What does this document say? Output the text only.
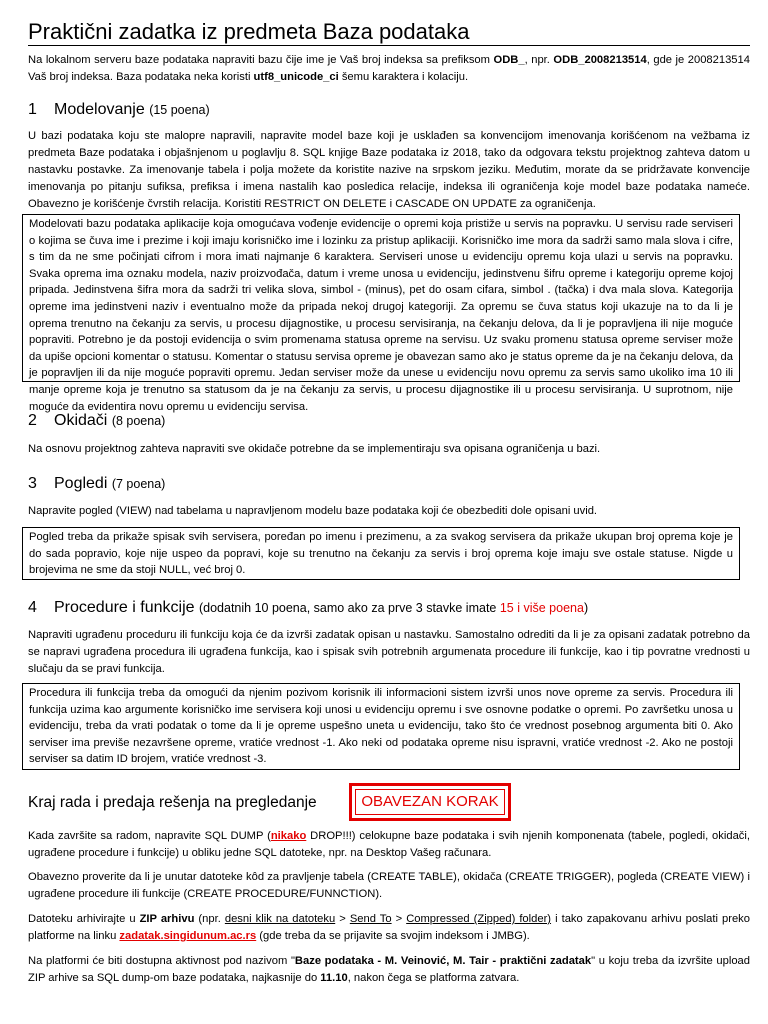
Praktični zadatka iz predmeta Baza podataka
Na lokalnom serveru baze podataka napraviti bazu čije ime je Vaš broj indeksa sa prefiksom ODB_, npr. ODB_2008213514, gde je 2008213514 Vaš broj indeksa. Baza podataka neka koristi utf8_unicode_ci šemu karaktera i kolaciju.
1 Modelovanje (15 poena)
U bazi podataka koju ste malopre napravili, napravite model baze koji je usklađen sa konvencijom imenovanja korišćenom na vežbama iz predmeta Baze podataka i objašnjenom u poglavlju 8. SQL knjige Baze podataka iz 2018, tako da odgovara tekstu projektnog zahteva datom u nastavku postavke. Za imenovanje tabela i polja možete da koristite nazive na srpskom jeziku. Međutim, morate da se pridržavate konvencije imenovanja po pitanju sufiksa, prefiksa i imena nastalih kao posledica relacije, indeksa ili ograničenja koje model baze podataka nameće. Obavezno je korišćenje čvrstih relacija. Koristiti RESTRICT ON DELETE i CASCADE ON UPDATE za ograničenja.
Modelovati bazu podataka aplikacije koja omogućava vođenje evidencije o opremi koja pristiže u servis na popravku. U servisu rade serviseri o kojima se čuva ime i prezime i koji imaju korisničko ime i lozinku za pristup aplikaciji. Korisničko ime mora da sadrži samo mala slova i cifre, s tim da ne sme počinjati cifrom i mora imati najmanje 6 karaktera. Serviseri unose u evidenciju opremu koja ulazi u servis na popravku. Svaka oprema ima oznaku modela, naziv proizvođača, datum i vreme unosa u evidenciju, jedinstvenu šifru opreme i kategoriju opreme kojoj pripada. Jedinstvena šifra mora da sadrži tri velika slova, simbol - (minus), pet do osam cifara, simbol . (tačka) i dva mala slova. Kategorija opreme ima jedinstveni naziv i eventualno može da pripada nekoj drugoj kategoriji. Za opremu se čuva status koji ukazuje na to da li je oprema trenutno na čekanju za servis, u procesu dijagnostike, u procesu servisiranja, na čekanju delova, da li je popravljena ili nije moguće popraviti. Potrebno je da postoji evidencija o svim promenama statusa opreme na servisu. Uz svaku promenu statusa opreme serviser može da upiše opcioni komentar o statusu. Komentar o statusu servisa opreme je obavezan samo ako je status opreme da je na čekanju delova, da je popravljen ili da nije moguće popraviti opremu. Jedan serviser može da unese u evidenciju novu opremu za servis samo ukoliko ima 10 ili manje opreme koja je trenutno sa statusom da je na čekanju za servis, u procesu dijagnostike ili u procesu servisiranja. U suprotnom, nije moguće da evidentira novu opremu u evidenciju servisa.
2 Okidači (8 poena)
Na osnovu projektnog zahteva napraviti sve okidače potrebne da se implementiraju sva opisana ograničenja u bazi.
3 Pogledi (7 poena)
Napravite pogled (VIEW) nad tabelama u napravljenom modelu baze podataka koji će obezbediti dole opisani uvid.
Pogled treba da prikaže spisak svih servisera, poređan po imenu i prezimenu, a za svakog servisera da prikaže ukupan broj oprema koje je do sada popravio, koje nije uspeo da popravi, koje su trenutno na čekanju za servis i broj oprema koje imaju sve ostale statuse. Nigde u brojevima ne sme da stoji NULL, već broj 0.
4 Procedure i funkcije (dodatnih 10 poena, samo ako za prve 3 stavke imate 15 i više poena)
Napraviti ugrađenu proceduru ili funkciju koja će da izvrši zadatak opisan u nastavku. Samostalno odrediti da li je za opisani zadatak potrebno da se napravi ugrađena procedura ili ugrađena funkcija, kao i spisak svih potrebnih argumenata procedure ili funkcije, kao i tip povratne vrednosti u slučaju da se pravi funkcija.
Procedura ili funkcija treba da omogući da njenim pozivom korisnik ili informacioni sistem izvrši unos nove opreme za servis. Procedura ili funkcija uzima kao argumente korisničko ime servisera koji unosi u evidenciju opremu i sve osnovne podatke o opremi. Po završetku unosa u evidenciju, treba da vrati podatak o tome da li je opreme uspešno uneta u evidenciju, tako što će vrednost posebnog argumenta biti 0. Ako serviser ima previše nezavršene opreme, vratiće vrednost -1. Ako neki od podataka opreme nisu ispravni, vratiće vrednost -2. Ako ne postoji serviser sa datim ID brojem, vratiće vrednost -3.
Kraj rada i predaja rešenja na pregledanje	OBAVEZAN KORAK
Kada završite sa radom, napravite SQL DUMP (nikako DROP!!!) celokupne baze podataka i svih njenih komponenata (tabele, pogledi, okidači, ugrađene procedure i funkcije) u obliku jedne SQL datoteke, npr. na Desktop Vašeg računara.
Obavezno proverite da li je unutar datoteke kôd za pravljenje tabela (CREATE TABLE), okidača (CREATE TRIGGER), pogleda (CREATE VIEW) i ugrađene procedure ili funkcije (CREATE PROCEDURE/FUNNCTION).
Datoteku arhivirajte u ZIP arhivu (npr. desni klik na datoteku > Send To > Compressed (Zipped) folder) i tako zapakovanu arhivu poslati preko platforme na linku zadatak.singidunum.ac.rs (gde treba da se prijavite sa svojim indeksom i JMBG).
Na platformi će biti dostupna aktivnost pod nazivom "Baze podataka - M. Veinović, M. Tair - praktični zadatak" u koju treba da izvršite upload ZIP arhive sa SQL dump-om baze podataka, najkasnije do 11.10, nakon čega se platforma zatvara.
